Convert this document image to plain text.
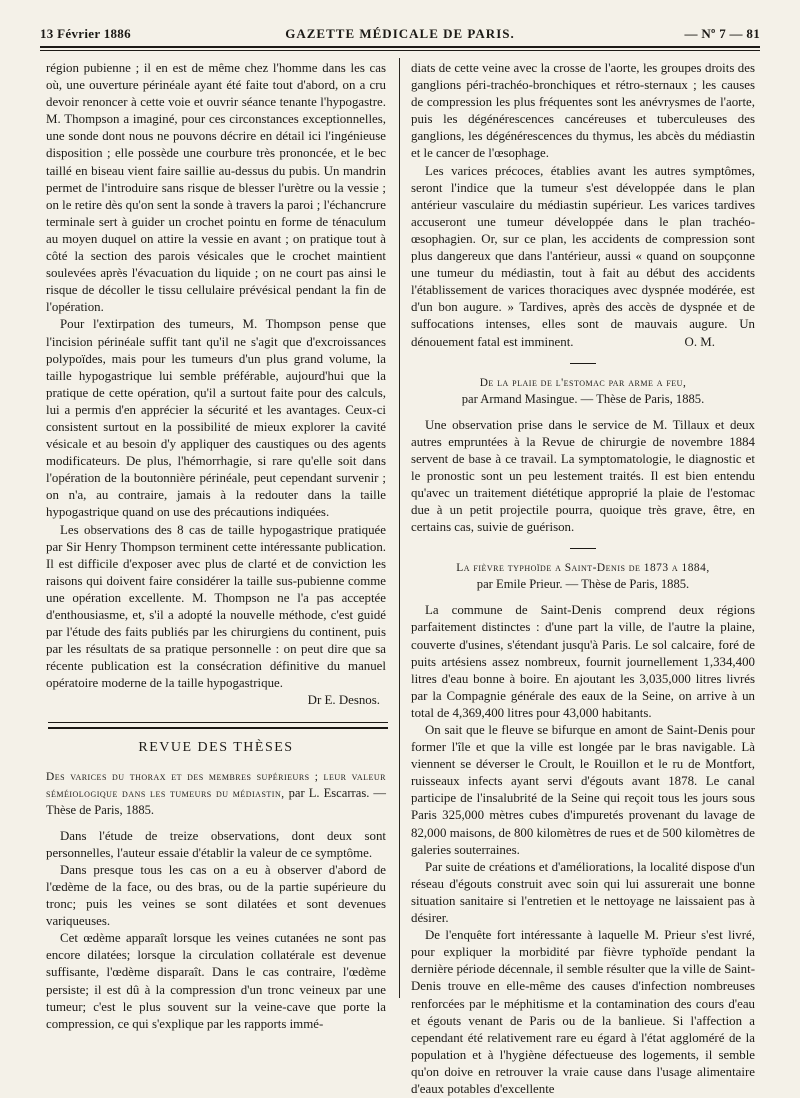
13 Février 1886	GAZETTE MÉDICALE DE PARIS.	— Nº 7 — 81

région pubienne ; il en est de même chez l'homme dans les cas où, une ouverture périnéale ayant été faite tout d'abord, on a cru devoir renoncer à cette voie et ouvrir séance tenante l'hypogastre. M. Thompson a imaginé, pour ces circonstances exceptionnelles, une sonde dont nous ne pouvons décrire en détail ici l'ingénieuse disposition ; elle possède une courbure très prononcée, et le bec taillé en biseau vient faire saillie au-dessus du pubis. Un mandrin permet de l'introduire sans risque de blesser l'urètre ou la vessie ; on le retire dès qu'on sent la sonde à travers la paroi ; l'échancrure terminale sert à guider un crochet pointu en forme de ténaculum au moyen duquel on attire la vessie en avant ; on pratique tout à côté la section des parois vésicales que le crochet maintient soulevées après l'évacuation du liquide ; on ne court pas ainsi le risque de décoller le tissu cellulaire prévésical pendant la fin de l'opération.

Pour l'extirpation des tumeurs, M. Thompson pense que l'incision périnéale suffit tant qu'il ne s'agit que d'excroissances polypoïdes, mais pour les tumeurs d'un plus grand volume, la taille hypogastrique lui semble préférable, aujourd'hui que la pratique de cette opération, qu'il a surtout faite pour des calculs, lui a permis d'en apprécier la sécurité et les avantages. Ceux-ci consistent surtout en la possibilité de mieux explorer la cavité vésicale et au besoin d'y appliquer des caustiques ou des agents modificateurs. De plus, l'hémorrhagie, si rare qu'elle soit dans l'opération de la boutonnière périnéale, peut cependant survenir ; on n'a, au contraire, jamais à la redouter dans la taille hypogastrique quand on use des précautions indiquées.

Les observations des 8 cas de taille hypogastrique pratiquée par Sir Henry Thompson terminent cette intéressante publication. Il est difficile d'exposer avec plus de clarté et de conviction les raisons qui doivent faire considérer la taille sus-pubienne comme une opération excellente. M. Thompson ne l'a pas acceptée d'enthousiasme, et, s'il a adopté la nouvelle méthode, c'est guidé par l'étude des faits publiés par les chirurgiens du continent, puis par les résultats de sa pratique personnelle : on peut dire que sa récente publication est la consécration définitive du manuel opératoire moderne de la taille hypogastrique.

Dr E. Desnos.

REVUE DES THÈSES

Des varices du thorax et des membres supérieurs ; leur valeur séméiologique dans les tumeurs du médiastin, par L. Escarras. — Thèse de Paris, 1885.

Dans l'étude de treize observations, dont deux sont personnelles, l'auteur essaie d'établir la valeur de ce symptôme.

Dans presque tous les cas on a eu à observer d'abord de l'œdème de la face, ou des bras, ou de la partie supérieure du tronc; puis les veines se sont dilatées et sont devenues variqueuses.

Cet œdème apparaît lorsque les veines cutanées ne sont pas encore dilatées; lorsque la circulation collatérale est devenue suffisante, l'œdème disparaît. Dans le cas contraire, l'œdème persiste; il est dû à la compression d'un tronc veineux par une tumeur; c'est le plus souvent sur la veine-cave que porte la compression, ce qui s'explique par les rapports immé-

diats de cette veine avec la crosse de l'aorte, les groupes droits des ganglions péri-trachéo-bronchiques et rétro-sternaux ; les causes de compression les plus fréquentes sont les anévrysmes de l'aorte, puis les dégénérescences cancéreuses et tuberculeuses des ganglions, les dégénérescences du thymus, les abcès du médiastin et le cancer de l'œsophage.

Les varices précoces, établies avant les autres symptômes, seront l'indice que la tumeur s'est développée dans le plan antérieur vasculaire du médiastin supérieur. Les varices tardives accuseront une tumeur développée dans le plan trachéo-œsophagien. Or, sur ce plan, les accidents de compression sont plus dangereux que dans l'antérieur, aussi « quand on soupçonne une tumeur du médiastin, tout à fait au début des accidents l'établissement de varices thoraciques avec dyspnée modérée, est d'un bon augure. » Tardives, après des accès de dyspnée et de suffocations intenses, elles sont de mauvais augure. Un dénouement fatal est imminent.	O. M.

De la plaie de l'estomac par arme a feu,
par Armand Masingue. — Thèse de Paris, 1885.

Une observation prise dans le service de M. Tillaux et deux autres empruntées à la Revue de chirurgie de novembre 1884 servent de base à ce travail. La symptomatologie, le diagnostic et le pronostic sont un peu lestement traités. Il est bien entendu qu'avec un traitement diététique approprié la plaie de l'estomac due à un petit projectile pourra, quoique très grave, être, en certains cas, suivie de guérison.

La fièvre typhoïde a Saint-Denis de 1873 a 1884,
par Emile Prieur. — Thèse de Paris, 1885.

La commune de Saint-Denis comprend deux régions parfaitement distinctes : d'une part la ville, de l'autre la plaine, couverte d'usines, s'étendant jusqu'à Paris. Le sol calcaire, foré de puits artésiens assez nombreux, fournit journellement 1,334,400 litres d'eau bonne à boire. En ajoutant les 3,035,000 litres livrés par la Compagnie générale des eaux de la Seine, on arrive à un total de 4,369,400 litres pour 43,000 habitants.

On sait que le fleuve se bifurque en amont de Saint-Denis pour former l'île et que la ville est longée par le bras navigable. Là viennent se déverser le Croult, le Rouillon et le ru de Montfort, ruisseaux infects ayant servi d'égouts avant 1878. Le canal participe de l'insalubrité de la Seine qui reçoit tous les jours sous Paris 325,000 mètres cubes d'impuretés provenant du lavage de 82,000 maisons, de 800 kilomètres de rues et de 500 kilomètres de galeries souterraines.

Par suite de créations et d'améliorations, la localité dispose d'un réseau d'égouts construit avec soin qui lui assurerait une bonne situation sanitaire si l'entretien et le nettoyage ne laissaient pas à désirer.

De l'enquête fort intéressante à laquelle M. Prieur s'est livré, pour expliquer la morbidité par fièvre typhoïde pendant la dernière période décennale, il semble résulter que la ville de Saint-Denis trouve en elle-même des causes d'infection nombreuses renforcées par le méphitisme et la contamination des cours d'eau et égouts venant de Paris ou de la banlieue. Si l'affection a cependant été relativement rare eu égard à l'état aggloméré de la population et à l'hygiène défectueuse des logements, il semble qu'on doive en retrouver la vraie cause dans l'usage alimentaire d'eaux potables d'excellente
